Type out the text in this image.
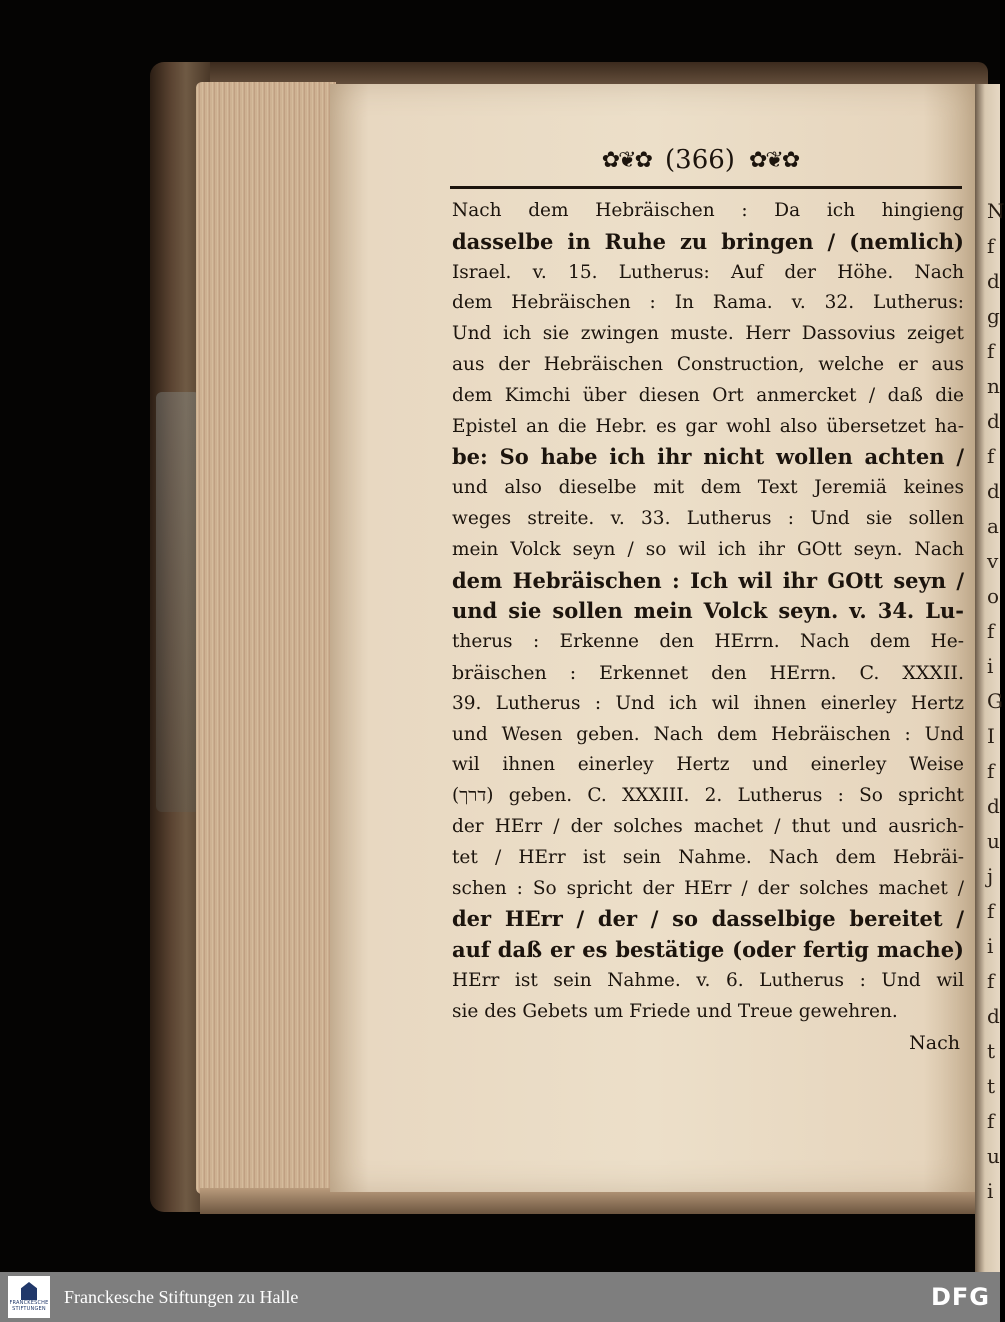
N
f
d
g
f
n
d
f
d
a
v
o
f
i
G
I
f
d
u
j
f
i
f
d
t
t
f
u
i
✿❦✿ (366) ✿❦✿
Nach dem Hebräischen : Da ich hingieng
dasselbe in Ruhe zu bringen / (nemlich)
Israel. v. 15. Lutherus: Auf der Höhe. Nach
dem Hebräischen : In Rama. v. 32. Lutherus:
Und ich sie zwingen muste. Herr Dassovius zeiget
aus der Hebräischen Construction, welche er aus
dem Kimchi über diesen Ort anmercket / daß die
Epistel an die Hebr. es gar wohl also übersetzet ha-
be: So habe ich ihr nicht wollen achten /
und also dieselbe mit dem Text Jeremiä keines
weges streite. v. 33. Lutherus : Und sie sollen
mein Volck seyn / so wil ich ihr GOtt seyn. Nach
dem Hebräischen : Ich wil ihr GOtt seyn /
und sie sollen mein Volck seyn. v. 34. Lu-
therus : Erkenne den HErrn. Nach dem He-
bräischen : Erkennet den HErrn. C. XXXII.
39. Lutherus : Und ich wil ihnen einerley Hertz
und Wesen geben. Nach dem Hebräischen : Und
wil ihnen einerley Hertz und einerley Weise
(דרך) geben. C. XXXIII. 2. Lutherus : So spricht
der HErr / der solches machet / thut und ausrich-
tet / HErr ist sein Nahme. Nach dem Hebräi-
schen : So spricht der HErr / der solches machet /
der HErr / der / so dasselbige bereitet /
auf daß er es bestätige (oder fertig mache)
HErr ist sein Nahme. v. 6. Lutherus : Und wil
sie des Gebets um Friede und Treue gewehren.
Nach
FRANCKESCHE
STIFTUNGEN
Franckesche Stiftungen zu Halle	DFG
